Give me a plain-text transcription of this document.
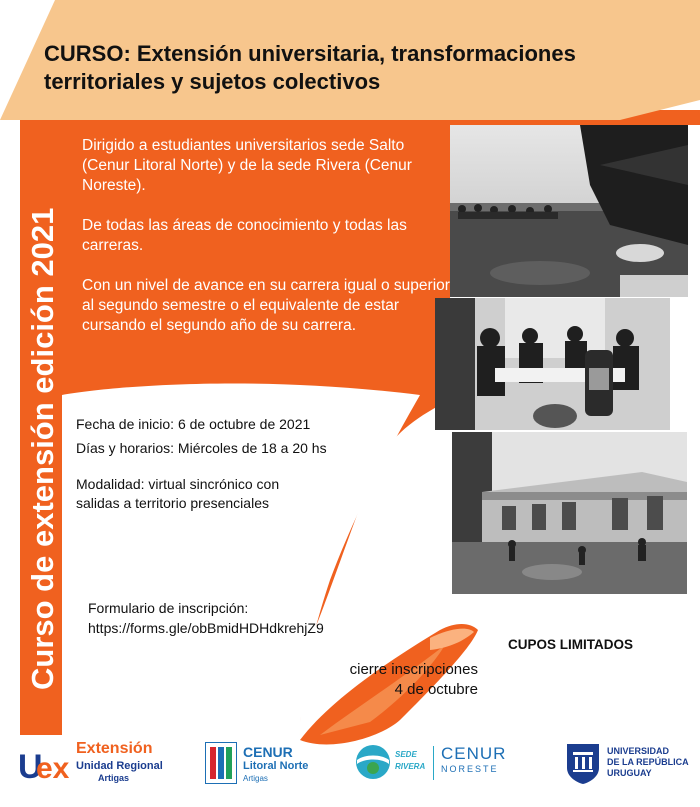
CURSO: Extensión universitaria, transformaciones
territoriales y sujetos colectivos
Curso de extensión edición 2021

Dirigido a estudiantes universitarios sede Salto (Cenur Litoral Norte) y de la sede Rivera (Cenur Noreste).

De todas las áreas de conocimiento y todas las carreras.

Con un nivel de avance en su carrera igual o superior al segundo semestre o el equivalente de estar cursando el segundo año de su carrera.

Fecha de inicio: 6 de octubre de 2021
Días y horarios: Miércoles de 18 a 20 hs
Modalidad: virtual sincrónico con
salidas a territorio presenciales
Formulario de inscripción:
https://forms.gle/obBmidHDHdkrehjZ9
CUPOS LIMITADOS
cierre inscripciones
4 de octubre
U
ex
Extensión
Unidad Regional
Artigas
CENUR
Litoral Norte
Artigas
SEDE
RIVERA
CENUR
NORESTE
UNIVERSIDAD
DE LA REPÚBLICA
URUGUAY
